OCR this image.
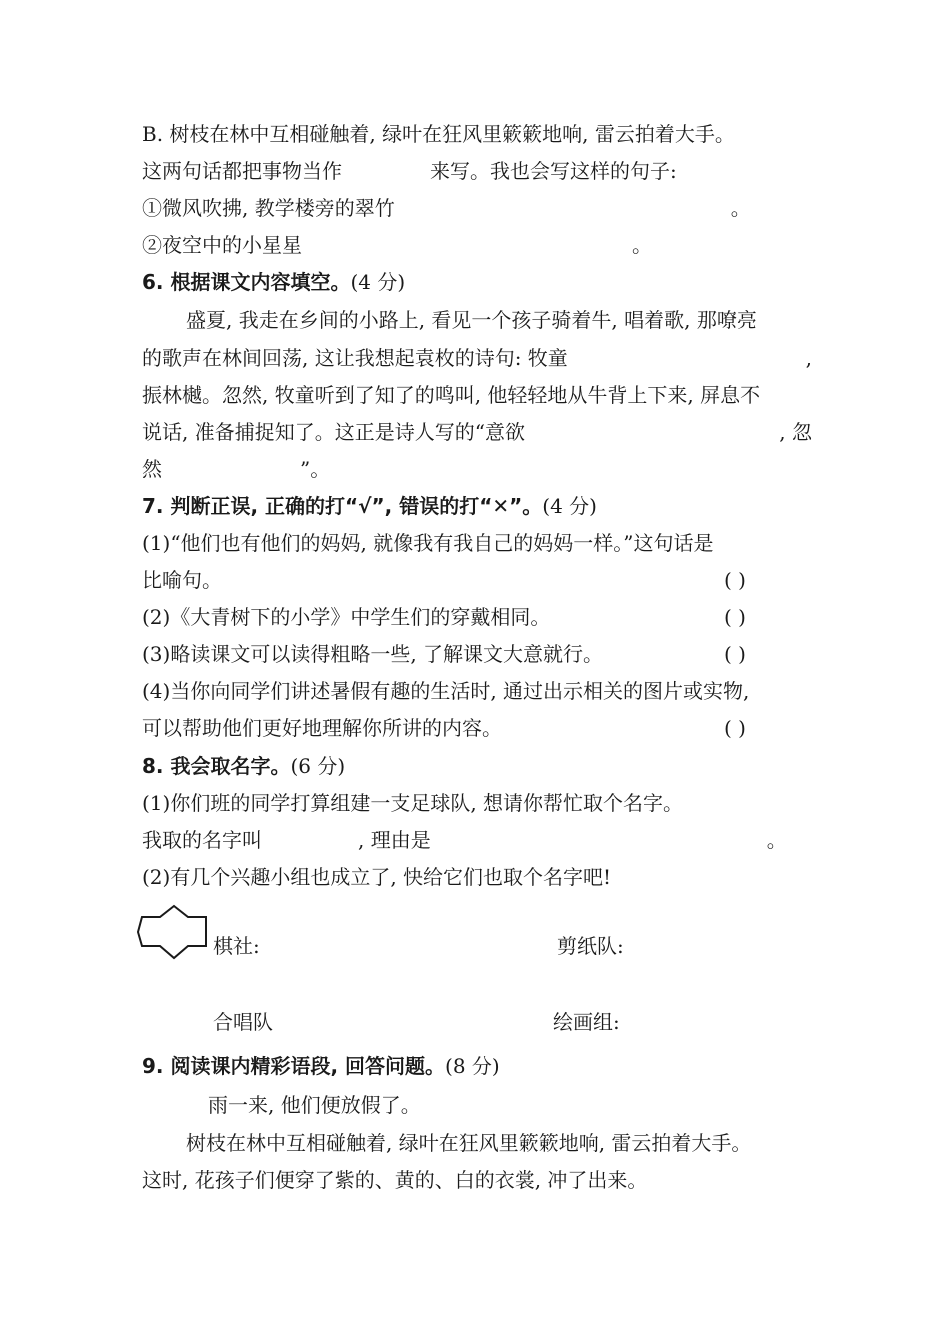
B. 树枝在林中互相碰触着, 绿叶在狂风里簌簌地响, 雷云拍着大手。
这两句话都把事物当作	来写。我也会写这样的句子:
①微风吹拂, 教学楼旁的翠竹	。
②夜空中的小星星	。
6. 根据课文内容填空。(4 分)
盛夏, 我走在乡间的小路上, 看见一个孩子骑着牛, 唱着歌, 那嘹亮
的歌声在林间回荡, 这让我想起袁枚的诗句: 牧童	,
振林樾。忽然, 牧童听到了知了的鸣叫, 他轻轻地从牛背上下来, 屏息不
说话, 准备捕捉知了。这正是诗人写的“意欲	, 忽
然	”。
7. 判断正误, 正确的打“√”, 错误的打“✕”。(4 分)
(1)“他们也有他们的妈妈, 就像我有我自己的妈妈一样。”这句话是
比喻句。	( )
(2)《大青树下的小学》中学生们的穿戴相同。	( )
(3)略读课文可以读得粗略一些, 了解课文大意就行。	( )
(4)当你向同学们讲述暑假有趣的生活时, 通过出示相关的图片或实物,
可以帮助他们更好地理解你所讲的内容。	( )
8. 我会取名字。(6 分)
(1)你们班的同学打算组建一支足球队, 想请你帮忙取个名字。
我取的名字叫	, 理由是	。
(2)有几个兴趣小组也成立了, 快给它们也取个名字吧!
棋社:	剪纸队:
合唱队	绘画组:
9. 阅读课内精彩语段, 回答问题。(8 分)
雨一来, 他们便放假了。
树枝在林中互相碰触着, 绿叶在狂风里簌簌地响, 雷云拍着大手。
这时, 花孩子们便穿了紫的、黄的、白的衣裳, 冲了出来。
